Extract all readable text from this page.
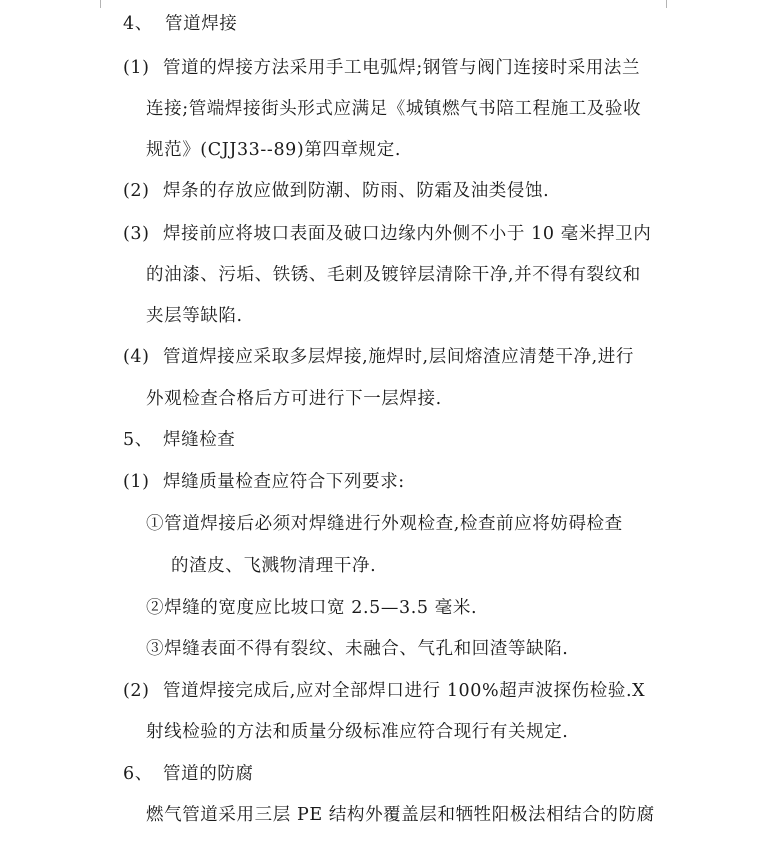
4、 管道焊接
(1) 管道的焊接方法采用手工电弧焊;钢管与阀门连接时采用法兰
连接;管端焊接街头形式应满足《城镇燃气书陪工程施工及验收
规范》(CJJ33--89)第四章规定.
(2) 焊条的存放应做到防潮、防雨、防霜及油类侵蚀.
(3) 焊接前应将坡口表面及破口边缘内外侧不小于 10 毫米捍卫内
的油漆、污垢、铁锈、毛刺及镀锌层清除干净,并不得有裂纹和
夹层等缺陷.
(4) 管道焊接应采取多层焊接,施焊时,层间熔渣应清楚干净,进行
外观检查合格后方可进行下一层焊接.
5、 焊缝检查
(1) 焊缝质量检查应符合下列要求:
①管道焊接后必须对焊缝进行外观检查,检查前应将妨碍检查
的渣皮、飞溅物清理干净.
②焊缝的宽度应比坡口宽 2.5—3.5 毫米.
③焊缝表面不得有裂纹、未融合、气孔和回渣等缺陷.
(2) 管道焊接完成后,应对全部焊口进行 100%超声波探伤检验.X
射线检验的方法和质量分级标准应符合现行有关规定.
6、 管道的防腐
燃气管道采用三层 PE 结构外覆盖层和牺牲阳极法相结合的防腐
